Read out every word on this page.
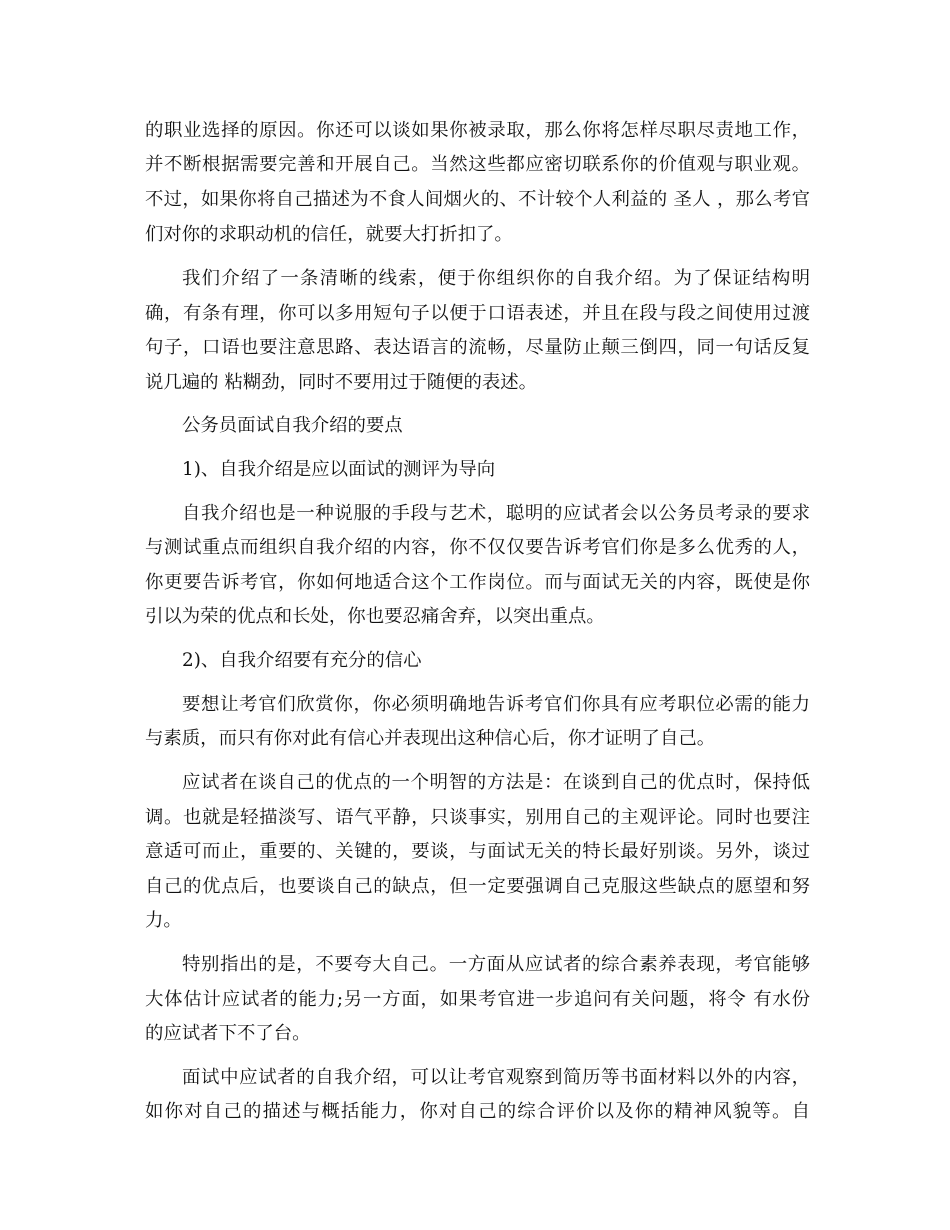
的职业选择的原因。你还可以谈如果你被录取，那么你将怎样尽职尽责地工作，
并不断根据需要完善和开展自己。当然这些都应密切联系你的价值观与职业观。
不过，如果你将自己描述为不食人间烟火的、不计较个人利益的 圣人 ，那么考官
们对你的求职动机的信任，就要大打折扣了。
我们介绍了一条清晰的线索，便于你组织你的自我介绍。为了保证结构明
确，有条有理，你可以多用短句子以便于口语表述，并且在段与段之间使用过渡
句子，口语也要注意思路、表达语言的流畅，尽量防止颠三倒四，同一句话反复
说几遍的 粘糊劲，同时不要用过于随便的表述。
公务员面试自我介绍的要点
1)、自我介绍是应以面试的测评为导向
自我介绍也是一种说服的手段与艺术，聪明的应试者会以公务员考录的要求
与测试重点而组织自我介绍的内容，你不仅仅要告诉考官们你是多么优秀的人，
你更要告诉考官，你如何地适合这个工作岗位。而与面试无关的内容，既使是你
引以为荣的优点和长处，你也要忍痛舍弃，以突出重点。
2)、自我介绍要有充分的信心
要想让考官们欣赏你，你必须明确地告诉考官们你具有应考职位必需的能力
与素质，而只有你对此有信心并表现出这种信心后，你才证明了自己。
应试者在谈自己的优点的一个明智的方法是：在谈到自己的优点时，保持低
调。也就是轻描淡写、语气平静，只谈事实，别用自己的主观评论。同时也要注
意适可而止，重要的、关键的，要谈，与面试无关的特长最好别谈。另外，谈过
自己的优点后，也要谈自己的缺点，但一定要强调自己克服这些缺点的愿望和努
力。
特别指出的是，不要夸大自己。一方面从应试者的综合素养表现，考官能够
大体估计应试者的能力;另一方面，如果考官进一步追问有关问题，将令 有水份
的应试者下不了台。
面试中应试者的自我介绍，可以让考官观察到简历等书面材料以外的内容，
如你对自己的描述与概括能力，你对自己的综合评价以及你的精神风貌等。自
